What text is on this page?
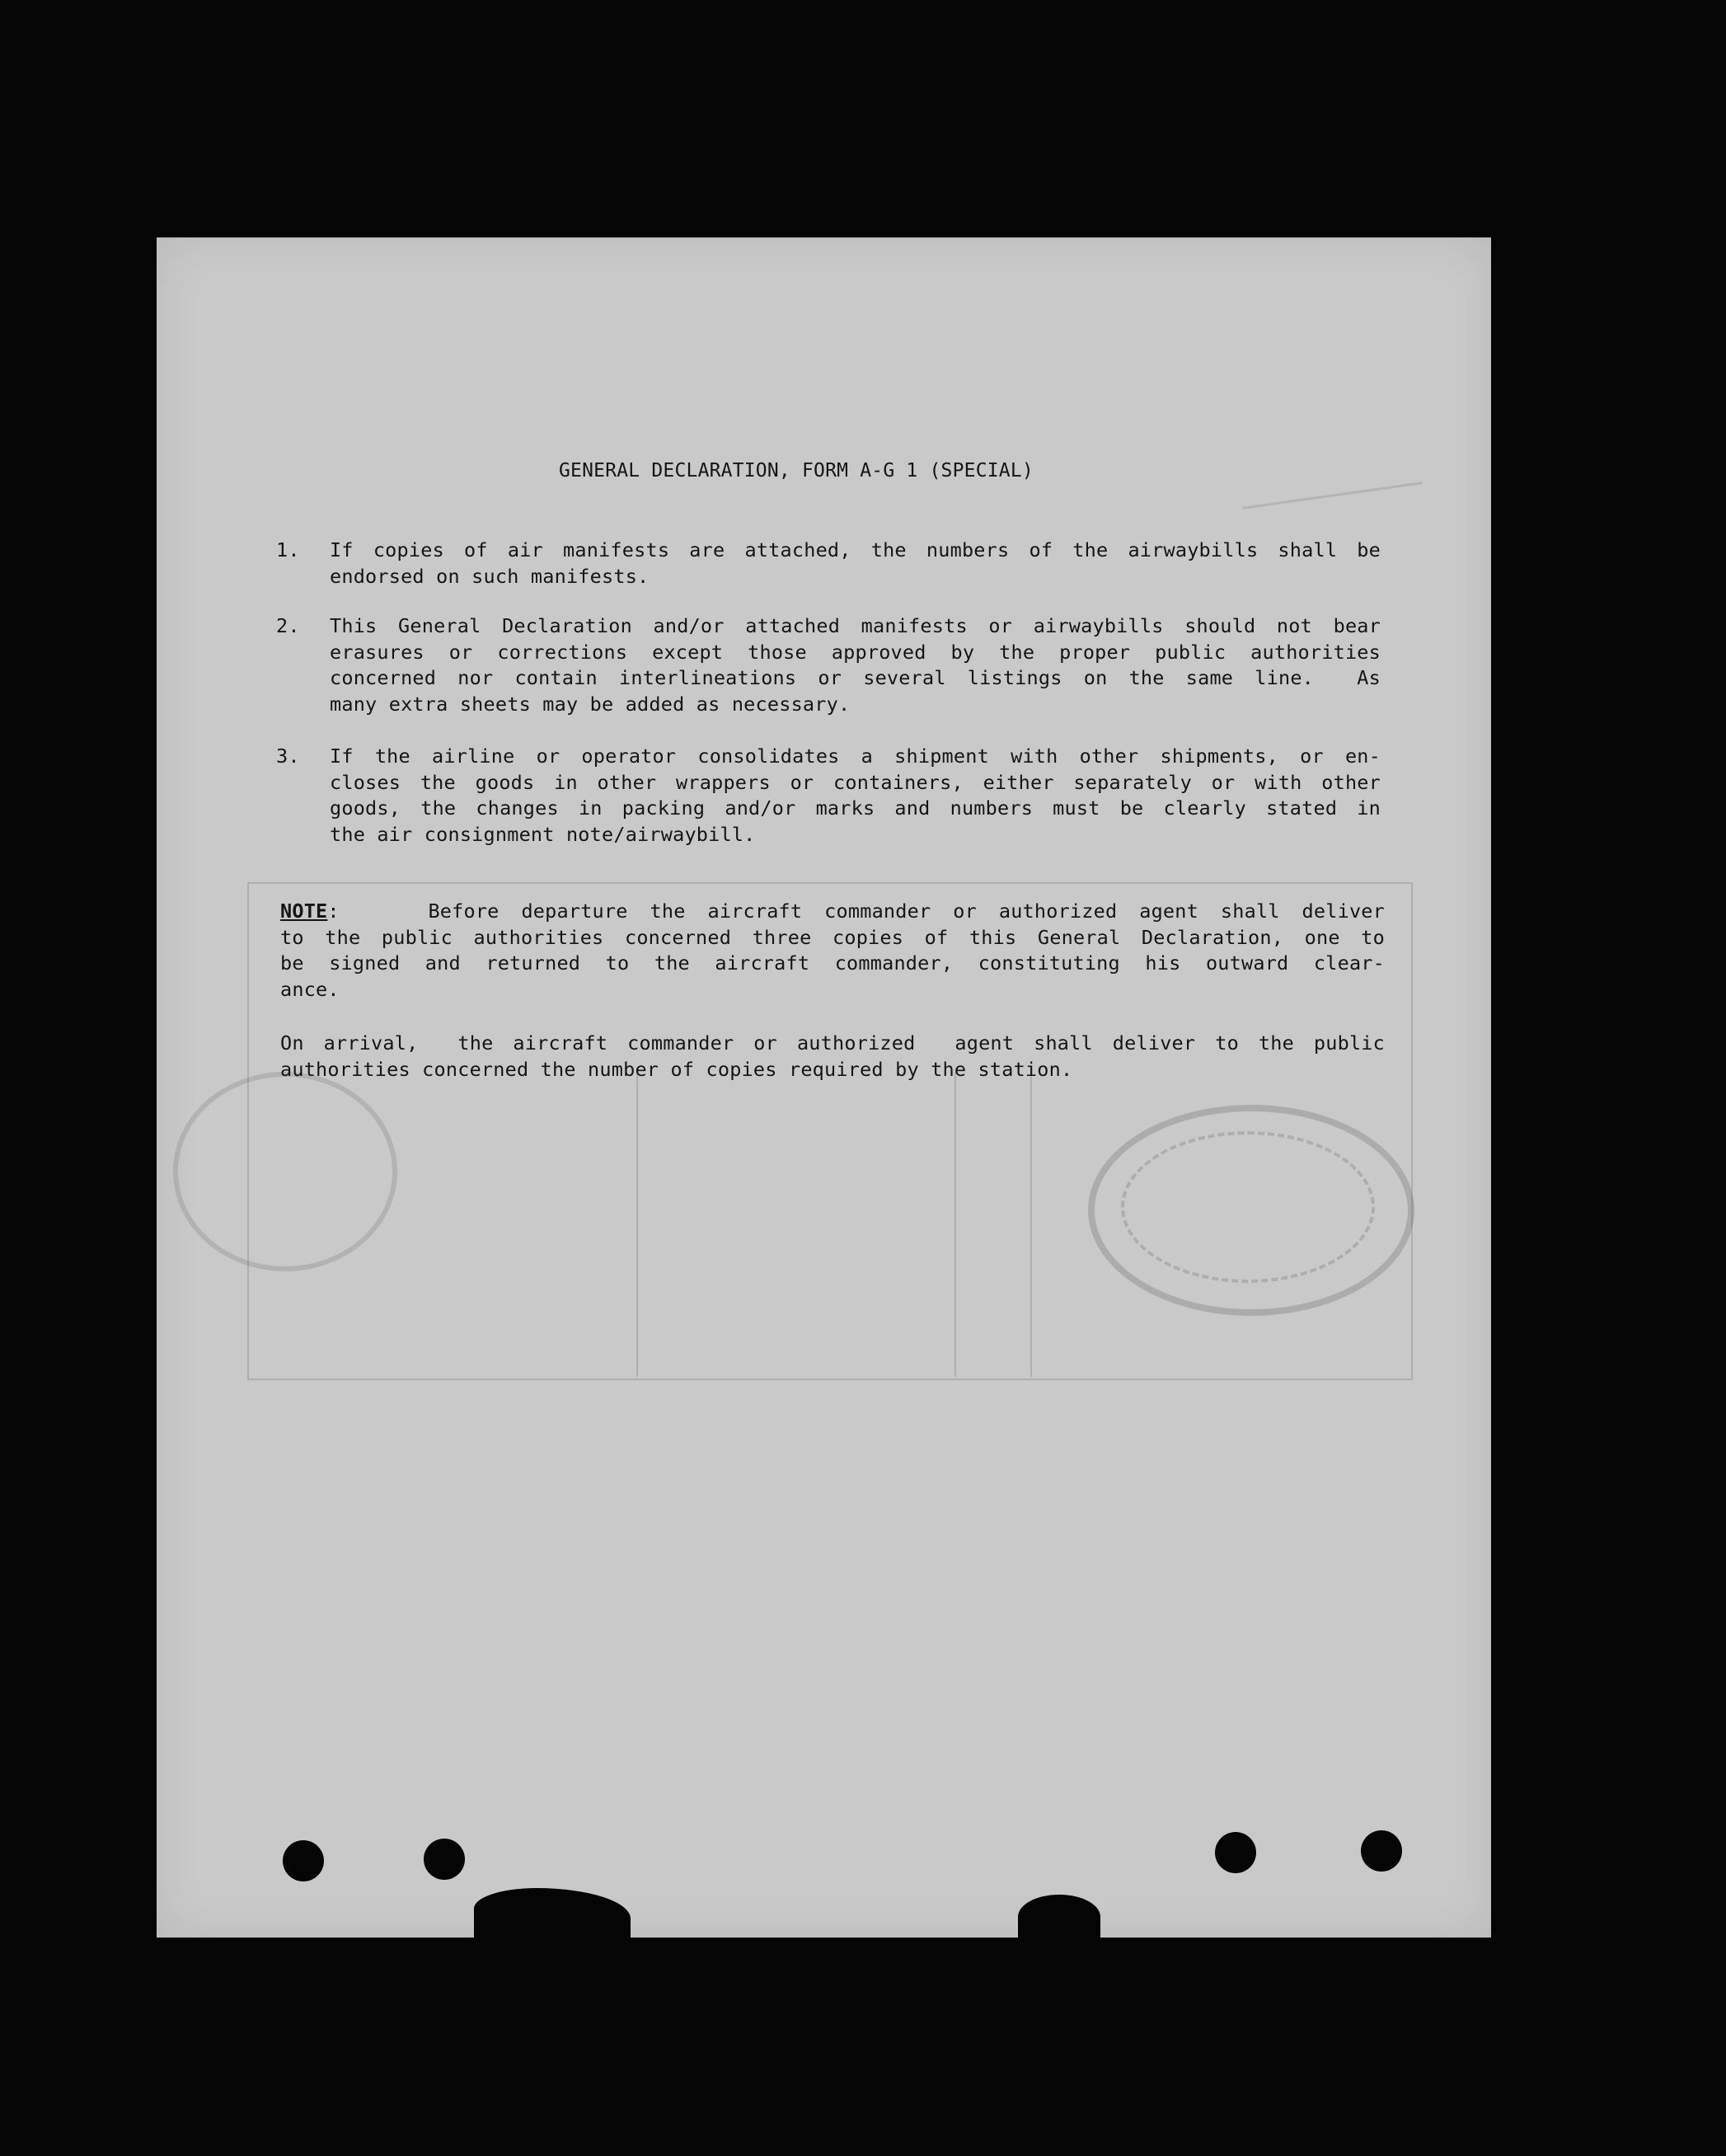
GENERAL DECLARATION, FORM A-G 1 (SPECIAL)
1.	If copies of air manifests are attached, the numbers of the airwaybills shall be
endorsed on such manifests.
2.	This General Declaration and/or attached manifests or airwaybills should not bear
erasures or corrections except those approved by the proper public authorities
concerned nor contain interlineations or several listings on the same line.  As
many extra sheets may be added as necessary.
3.	If the airline or operator consolidates a shipment with other shipments, or en-
closes the goods in other wrappers or containers, either separately or with other
goods, the changes in packing and/or marks and numbers must be clearly stated in
the air consignment note/airwaybill.
NOTE:    Before departure the aircraft commander or authorized agent shall deliver
to the public authorities concerned three copies of this General Declaration, one to
be signed and returned to the aircraft commander, constituting his outward clear-
ance.
On arrival,  the aircraft commander or authorized  agent shall deliver to the public
authorities concerned the number of copies required by the station.
